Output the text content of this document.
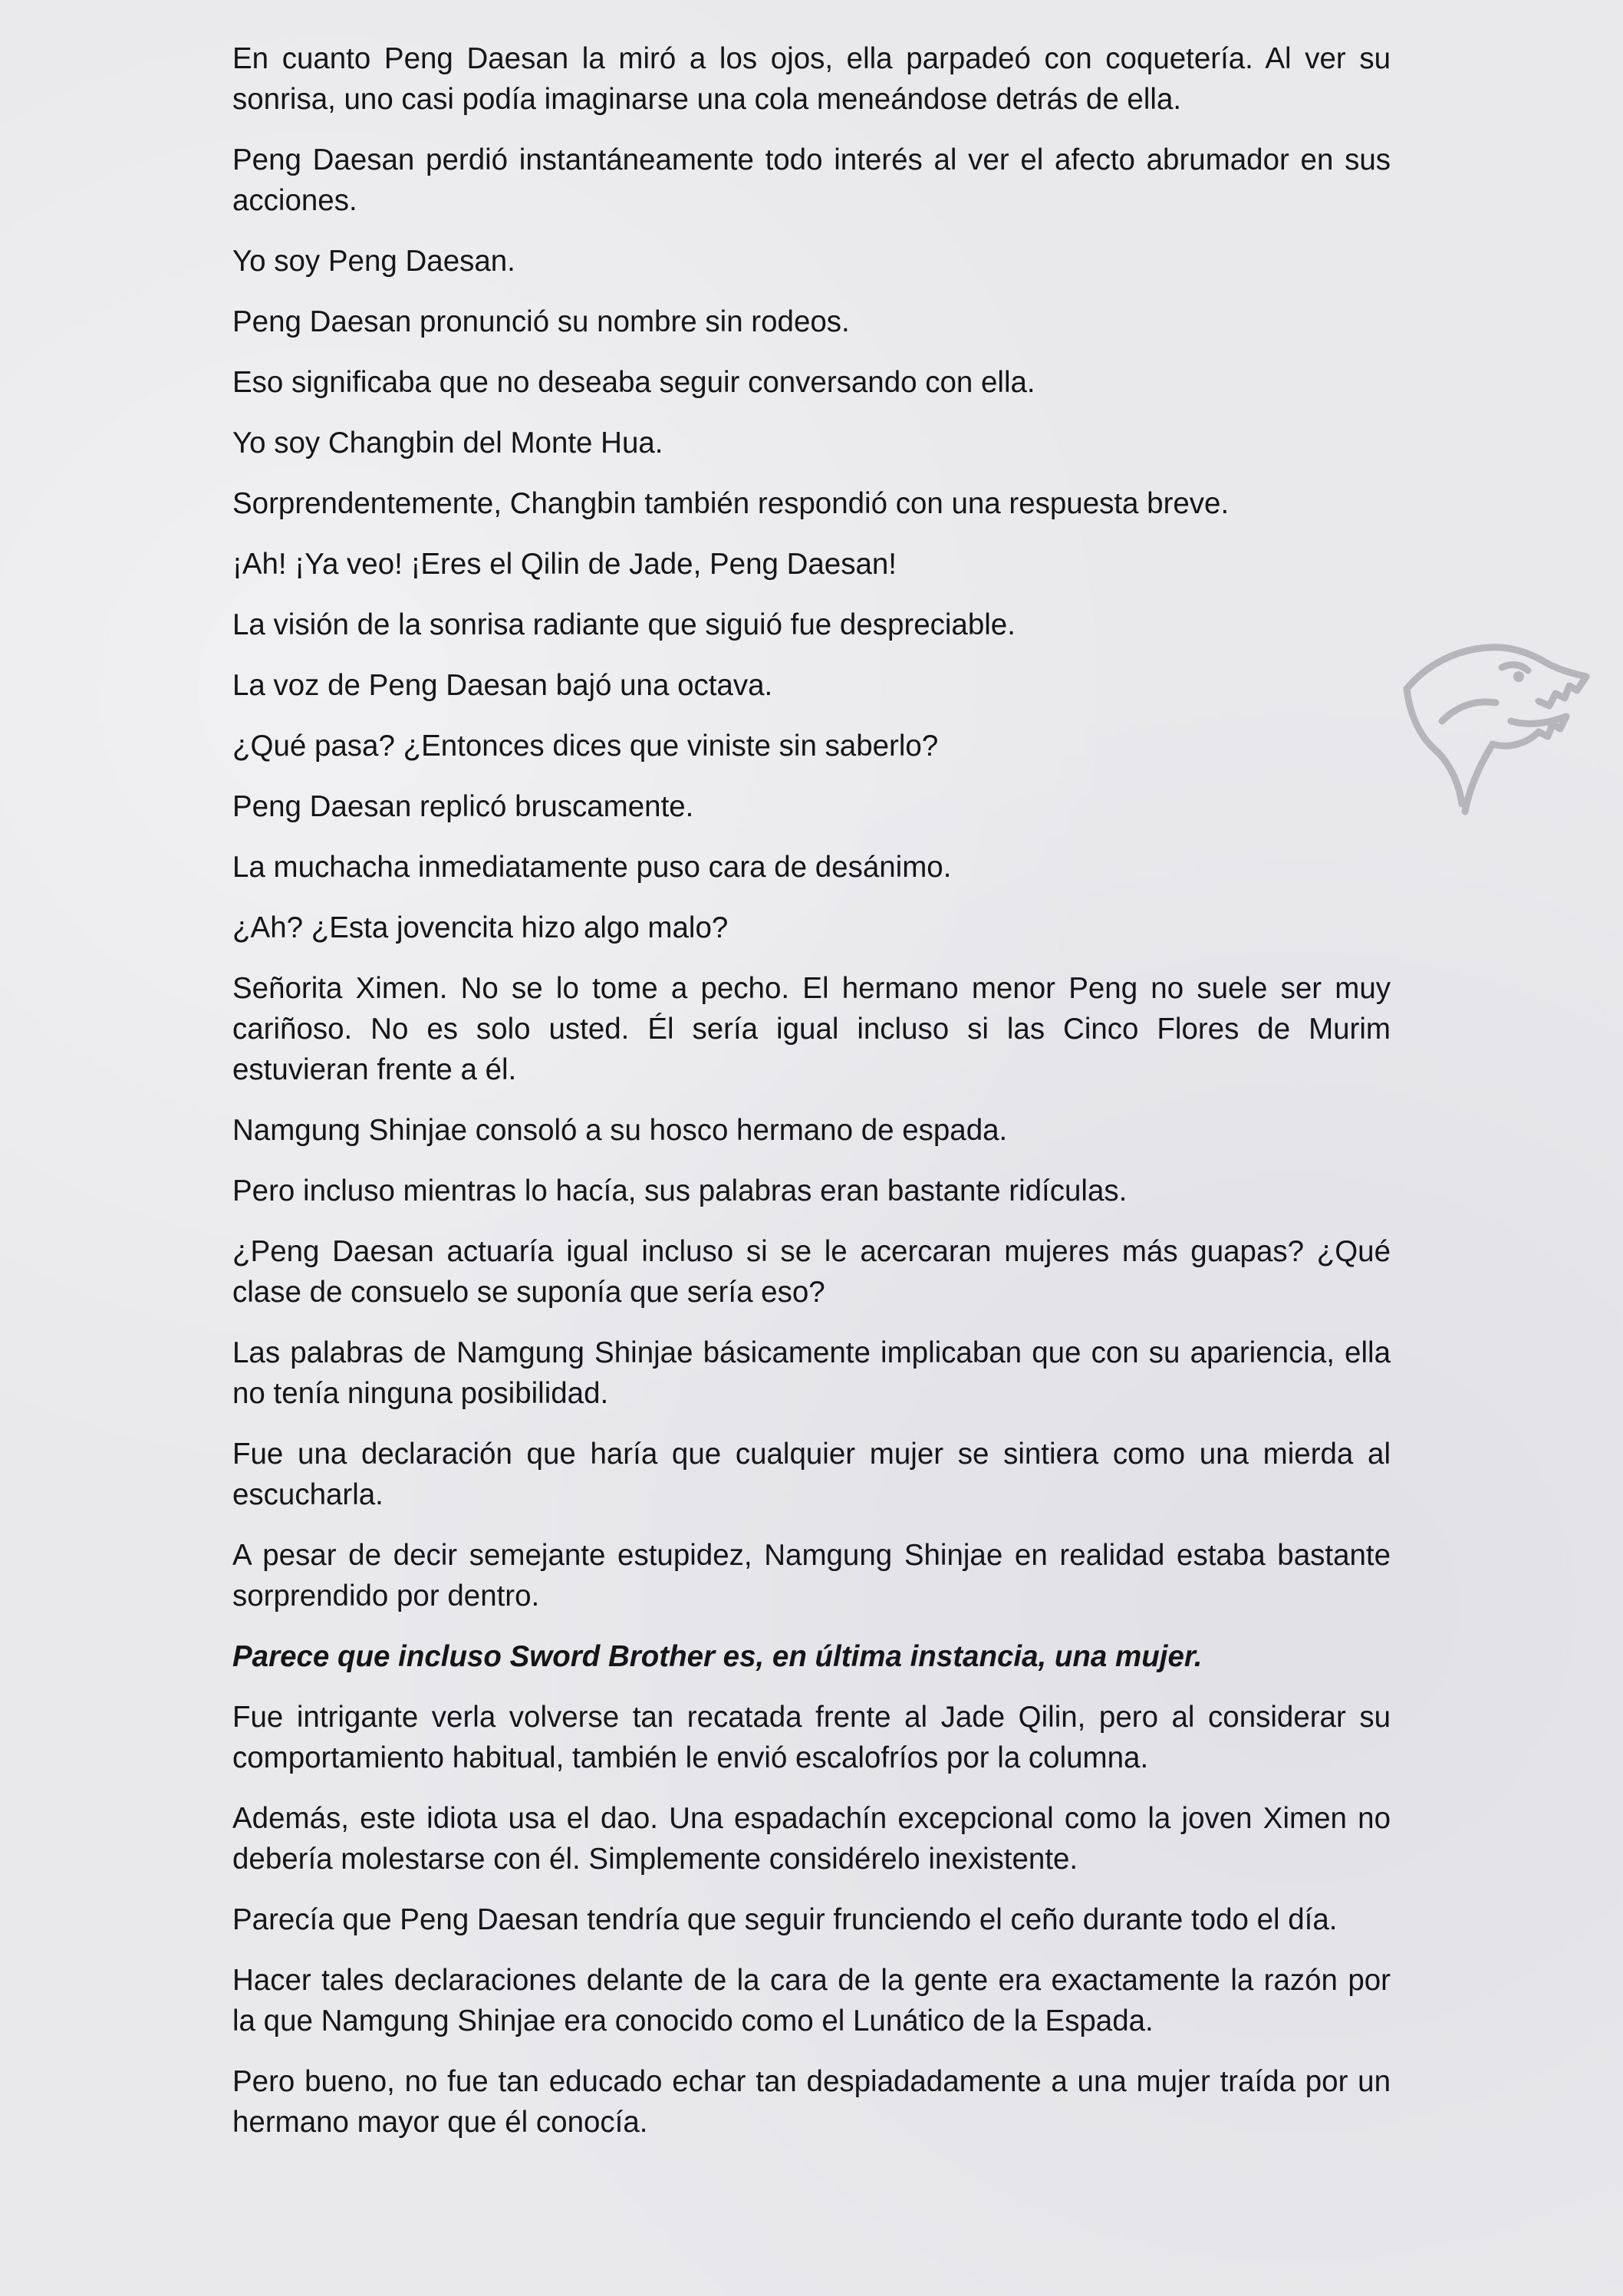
En cuanto Peng Daesan la miró a los ojos, ella parpadeó con coquetería. Al ver su sonrisa, uno casi podía imaginarse una cola meneándose detrás de ella.

Peng Daesan perdió instantáneamente todo interés al ver el afecto abrumador en sus acciones.

Yo soy Peng Daesan.

Peng Daesan pronunció su nombre sin rodeos.

Eso significaba que no deseaba seguir conversando con ella.

Yo soy Changbin del Monte Hua.

Sorprendentemente, Changbin también respondió con una respuesta breve.

¡Ah! ¡Ya veo! ¡Eres el Qilin de Jade, Peng Daesan!

La visión de la sonrisa radiante que siguió fue despreciable.

La voz de Peng Daesan bajó una octava.

¿Qué pasa? ¿Entonces dices que viniste sin saberlo?

Peng Daesan replicó bruscamente.

La muchacha inmediatamente puso cara de desánimo.

¿Ah? ¿Esta jovencita hizo algo malo?

Señorita Ximen. No se lo tome a pecho. El hermano menor Peng no suele ser muy cariñoso. No es solo usted. Él sería igual incluso si las Cinco Flores de Murim estuvieran frente a él.

Namgung Shinjae consoló a su hosco hermano de espada.

Pero incluso mientras lo hacía, sus palabras eran bastante ridículas.

¿Peng Daesan actuaría igual incluso si se le acercaran mujeres más guapas? ¿Qué clase de consuelo se suponía que sería eso?

Las palabras de Namgung Shinjae básicamente implicaban que con su apariencia, ella no tenía ninguna posibilidad.

Fue una declaración que haría que cualquier mujer se sintiera como una mierda al escucharla.

A pesar de decir semejante estupidez, Namgung Shinjae en realidad estaba bastante sorprendido por dentro.

Parece que incluso Sword Brother es, en última instancia, una mujer.

Fue intrigante verla volverse tan recatada frente al Jade Qilin, pero al considerar su comportamiento habitual, también le envió escalofríos por la columna.

Además, este idiota usa el dao. Una espadachín excepcional como la joven Ximen no debería molestarse con él. Simplemente considérelo inexistente.

Parecía que Peng Daesan tendría que seguir frunciendo el ceño durante todo el día.

Hacer tales declaraciones delante de la cara de la gente era exactamente la razón por la que Namgung Shinjae era conocido como el Lunático de la Espada.

Pero bueno, no fue tan educado echar tan despiadadamente a una mujer traída por un hermano mayor que él conocía.
